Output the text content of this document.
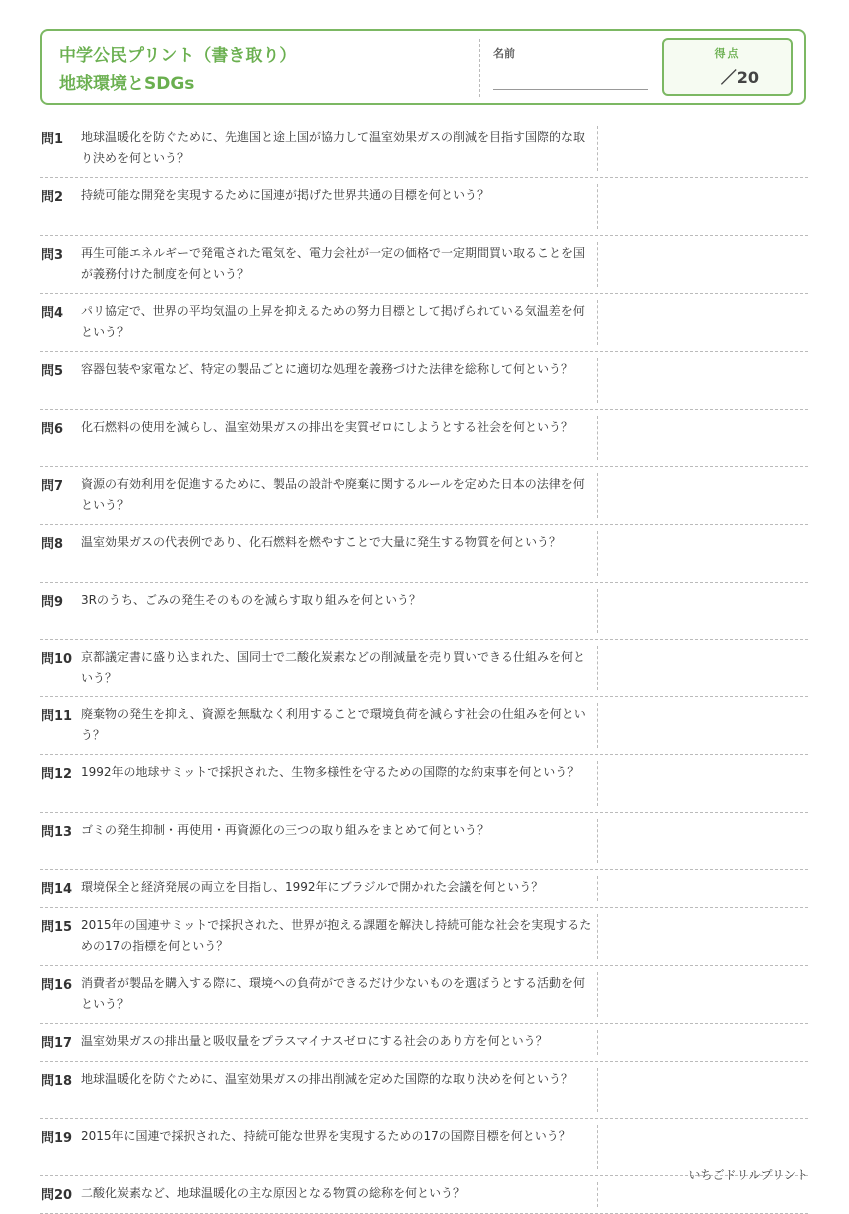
中学公民プリント（書き取り）
地球環境とSDGs
名前	得点
／20
問1 地球温暖化を防ぐために、先進国と途上国が協力して温室効果ガスの削減を目指す国際的な取り決めを何という？
問2 持続可能な開発を実現するために国連が掲げた世界共通の目標を何という？
問3 再生可能エネルギーで発電された電気を、電力会社が一定の価格で一定期間買い取ることを国が義務付けた制度を何という？
問4 パリ協定で、世界の平均気温の上昇を抑えるための努力目標として掲げられている気温差を何という？
問5 容器包装や家電など、特定の製品ごとに適切な処理を義務づけた法律を総称して何という？
問6 化石燃料の使用を減らし、温室効果ガスの排出を実質ゼロにしようとする社会を何という？
問7 資源の有効利用を促進するために、製品の設計や廃棄に関するルールを定めた日本の法律を何という？
問8 温室効果ガスの代表例であり、化石燃料を燃やすことで大量に発生する物質を何という？
問9 3Rのうち、ごみの発生そのものを減らす取り組みを何という？
問10 京都議定書に盛り込まれた、国同士で二酸化炭素などの削減量を売り買いできる仕組みを何という？
問11 廃棄物の発生を抑え、資源を無駄なく利用することで環境負荷を減らす社会の仕組みを何という？
問12 1992年の地球サミットで採択された、生物多様性を守るための国際的な約束事を何という？
問13 ゴミの発生抑制・再使用・再資源化の三つの取り組みをまとめて何という？
問14 環境保全と経済発展の両立を目指し、1992年にブラジルで開かれた会議を何という？
問15 2015年の国連サミットで採択された、世界が抱える課題を解決し持続可能な社会を実現するための17の指標を何という？
問16 消費者が製品を購入する際に、環境への負荷ができるだけ少ないものを選ぼうとする活動を何という？
問17 温室効果ガスの排出量と吸収量をプラスマイナスゼロにする社会のあり方を何という？
問18 地球温暖化を防ぐために、温室効果ガスの排出削減を定めた国際的な取り決めを何という？
問19 2015年に国連で採択された、持続可能な世界を実現するための17の国際目標を何という？
問20 二酸化炭素など、地球温暖化の主な原因となる物質の総称を何という？
いちごドリルプリント
